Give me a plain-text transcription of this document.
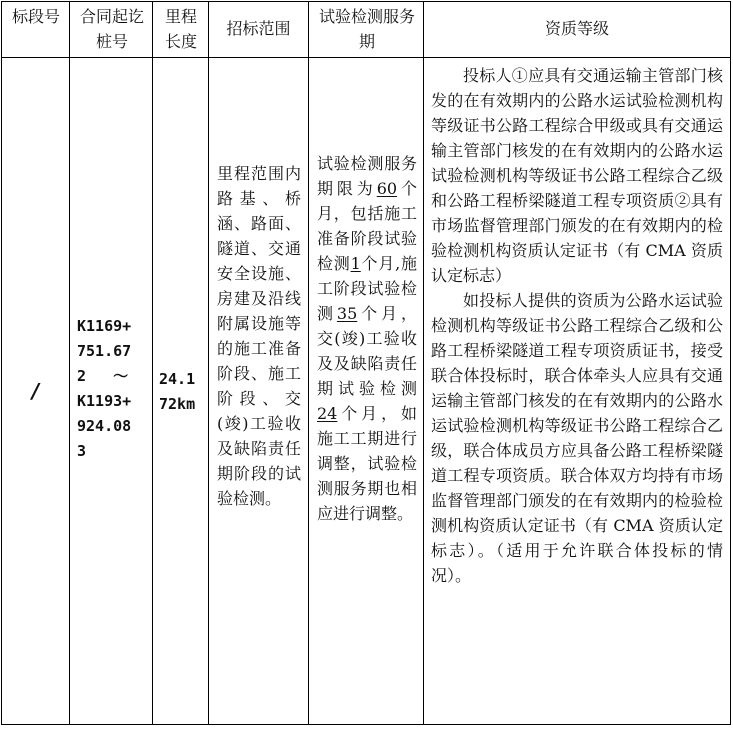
标段号 合同起讫桩号
里程长度
招标范围
试验检测服务期
资质等级
/
K1169+
751.67
2   ～
K1193+
924.08
3
24.1
72km
里程范围内路基、桥涵、路面、隧道、交通安全设施、房建及沿线附属设施等的施工准备阶段、施工阶段、交(竣)工验收及缺陷责任期阶段的试验检测。
试验检测服务期限为60个月，包括施工准备阶段试验检测1个月,施工阶段试验检测35个月，交(竣)工验收及及缺陷责任期试验检测24个月，如施工工期进行调整，试验检测服务期也相应进行调整。

投标人①应具有交通运输主管部门核发的在有效期内的公路水运试验检测机构等级证书公路工程综合甲级或具有交通运输主管部门核发的在有效期内的公路水运试验检测机构等级证书公路工程综合乙级和公路工程桥梁隧道工程专项资质②具有市场监督管理部门颁发的在有效期内的检验检测机构资质认定证书（有 CMA 资质认定标志）

如投标人提供的资质为公路水运试验检测机构等级证书公路工程综合乙级和公路工程桥梁隧道工程专项资质证书，接受联合体投标时，联合体牵头人应具有交通运输主管部门核发的在有效期内的公路水运试验检测机构等级证书公路工程综合乙级，联合体成员方应具备公路工程桥梁隧道工程专项资质。联合体双方均持有市场监督管理部门颁发的在有效期内的检验检测机构资质认定证书（有 CMA 资质认定标志）。（适用于允许联合体投标的情况）。
